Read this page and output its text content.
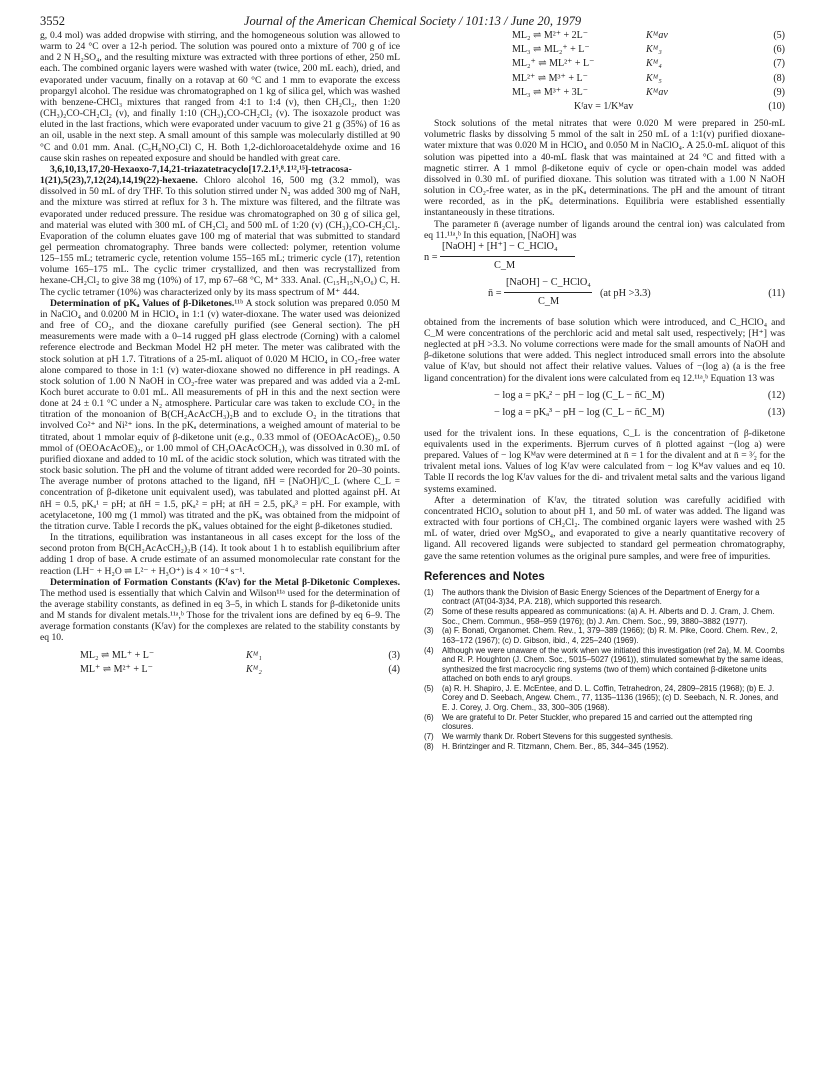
3552	Journal of the American Chemical Society / 101:13 / June 20, 1979

g, 0.4 mol) was added dropwise with stirring, and the homogeneous solution was allowed to warm to 24 °C over a 12-h period. The solution was poured onto a mixture of 700 g of ice and 2 N H₂SO₄, and the resulting mixture was extracted with three portions of ether, 250 mL each. The combined organic layers were washed with water (twice, 200 mL each), dried, and evaporated under vacuum, finally on a rotavap at 60 °C and 1 mm to evaporate the excess propargyl alcohol. The residue was chromatographed on 1 kg of silica gel, which was washed with benzene-CHCl₃ mixtures that ranged from 4:1 to 1:4 (v), then CH₂Cl₂, then 1:20 (CH₃)₂CO-CH₂Cl₂ (v), and finally 1:10 (CH₃)₂CO-CH₂Cl₂ (v). The isoxazole product was eluted in the last fractions, which were evaporated under vacuum to give 21 g (35%) of 16 as an oil, usable in the next step. A small amount of this sample was molecularly distilled at 90 °C and 0.01 mm. Anal. (C₅H₆NO₂Cl) C, H. Both 1,2-dichloroacetaldehyde oxime and 16 cause skin rashes on repeated exposure and should be handled with great care.

3,6,10,13,17,20-Hexaoxo-7,14,21-triazatetracyclo[17.2.1⁵,⁸.1¹²,¹⁵]-tetracosa-1(21),5(23),7,12(24),14,19(22)-hexaene. Chloro alcohol 16, 500 mg (3.2 mmol), was dissolved in 50 mL of dry THF. To this solution stirred under N₂ was added 300 mg of NaH, and the mixture was stirred at reflux for 3 h. The mixture was filtered, and the filtrate was evaporated under reduced pressure. The residue was chromatographed on 30 g of silica gel, and material was eluted with 300 mL of CH₂Cl₂ and 500 mL of 1:20 (v) (CH₃)₂CO-CH₂Cl₂. Evaporation of the column eluates gave 100 mg of material that was submitted to standard gel permeation chromatography. Three bands were collected: polymer, retention volume 125–155 mL; tetrameric cycle, retention volume 155–165 mL; trimeric cycle (17), retention volume 165–175 mL. The cyclic trimer crystallized, and then was recrystallized from hexane-CH₂Cl₂ to give 38 mg (10%) of 17, mp 67–68 °C, M⁺ 333. Anal. (C₁₅H₁₅N₃O₆) C, H. The cyclic tetramer (10%) was characterized only by its mass spectrum of M⁺ 444.

Determination of pKₐ Values of β-Diketones.¹¹ᵇ A stock solution was prepared 0.050 M in NaClO₄ and 0.0200 M in HClO₄ in 1:1 (v) water-dioxane. The water used was deionized and free of CO₂, and the dioxane carefully purified (see General section). The pH measurements were made with a 0–14 rugged pH glass electrode (Corning) with a calomel reference electrode and Beckman Model H2 pH meter. The meter was calibrated with the stock solution at pH 1.7. Titrations of a 25-mL aliquot of 0.020 M HClO₄ in CO₂-free water alone compared to those in 1:1 (v) water-dioxane showed no difference in pH readings. A stock solution of 1.00 N NaOH in CO₂-free water was prepared and was added via a 2-mL Koch buret accurate to 0.01 mL. All measurements of pH in this and the next section were done at 24 ± 0.1 °C under a N₂ atmosphere. Particular care was taken to exclude CO₂ in the titration of the monoanion of B(CH₂AcAcCH₃)₂B and to exclude O₂ in the titrations that involved Co²⁺ and Ni²⁺ ions. In the pKₐ determinations, a weighed amount of material to be titrated, about 1 mmolar equiv of β-diketone unit (e.g., 0.33 mmol of (OEOAcAcOE)₃, 0.50 mmol of (OEOAcAcOE)₂, or 1.00 mmol of CH₃OAcAcOCH₃), was dissolved in 0.30 mL of purified dioxane and added to 10 mL of the acidic stock solution, which was titrated with the stock basic solution. The pH and the volume of titrant added were recorded for 20–30 points. The average number of protons attached to the ligand, n̄H = [NaOH]/C_L (where C_L = concentration of β-diketone unit equivalent used), was tabulated and plotted against pH. At n̄H = 0.5, pKₐ¹ = pH; at n̄H = 1.5, pKₐ² = pH; at n̄H = 2.5, pKₐ³ = pH. For example, with acetylacetone, 100 mg (1 mmol) was titrated and the pKₐ was obtained from the midpoint of the titration curve. Table I records the pKₐ values obtained for the eight β-diketones studied.

In the titrations, equilibration was instantaneous in all cases except for the loss of the second proton from B(CH₂AcAcCH₂)₂B (14). It took about 1 h to establish equilibrium after adding 1 drop of base. A crude estimate of an assumed monomolecular rate constant for the reaction (LH⁻ + H₂O ⇌ L²⁻ + H₃O⁺) is 4 × 10⁻⁴ s⁻¹.

Determination of Formation Constants (Kᶠav) for the Metal β-Diketonic Complexes. The method used is essentially that which Calvin and Wilson¹¹ᵃ used for the determination of the average stability constants, as defined in eq 3–5, in which L stands for β-diketonide units and M stands for divalent metals.¹¹ᵃ,ᵇ Those for the trivalent ions are defined by eq 6–9. The average formation constants (Kᶠav) for the complexes are related to the stability constants by eq 10.

ML₂ ⇌ ML⁺ + L⁻	Kᴹ₁	(3)
ML⁺ ⇌ M²⁺ + L⁻	Kᴹ₂	(4)
ML₂ ⇌ M²⁺ + 2L⁻	Kᴹav	(5)
ML₃ ⇌ ML₂⁺ + L⁻	Kᴹ₃	(6)
ML₂⁺ ⇌ ML²⁺ + L⁻	Kᴹ₄	(7)
ML²⁺ ⇌ M³⁺ + L⁻	Kᴹ₅	(8)
ML₃ ⇌ M³⁺ + 3L⁻	Kᴹav	(9)
Kᶠav = 1/Kᴹav	(10)

Stock solutions of the metal nitrates that were 0.020 M were prepared in 250-mL volumetric flasks by dissolving 5 mmol of the salt in 250 mL of a 1:1(v) purified dioxane-water mixture that was 0.020 M in HClO₄ and 0.050 M in NaClO₄. A 25.0-mL aliquot of this solution was pipetted into a 40-mL flask that was maintained at 24 °C and fitted with a magnetic stirrer. A 1 mmol β-diketone equiv of cycle or open-chain model was added dissolved in 0.30 mL of purified dioxane. This solution was titrated with a 1.00 N NaOH solution in CO₂-free water, as in the pKₐ determinations. The pH and the amount of titrant were recorded, as in the pKₐ determinations. Equilibria were established essentially instantaneously in these titrations.

The parameter n̄ (average number of ligands around the central ion) was calculated from eq 11.¹¹ᵃ,ᵇ In this equation, [NaOH] was

n =
[NaOH] + [H⁺] − C_HClO₄
C_M
n̄ =
[NaOH] − C_HClO₄
C_M
(at pH >3.3)	(11)

obtained from the increments of base solution which were introduced, and C_HClO₄ and C_M were concentrations of the perchloric acid and metal salt used, respectively; [H⁺] was neglected at pH >3.3. No volume corrections were made for the small amounts of NaOH and β-diketone solutions that were added. This neglect introduced small errors into the absolute value of Kᶠav, but should not affect their relative values. Values of −(log a) (a is the free ligand concentration) for the divalent ions were calculated from eq 12.¹¹ᵃ,ᵇ Equation 13 was

− log a = pKₐ² − pH − log (C_L − n̄C_M)	(12)
− log a = pKₐ³ − pH − log (C_L − n̄C_M)	(13)

used for the trivalent ions. In these equations, C_L is the concentration of β-diketone equivalents used in the experiments. Bjerrum curves of n̄ plotted against −(log a) were prepared. Values of − log Kᴹav were determined at n̄ = 1 for the divalent and at n̄ = ³⁄₂ for the trivalent metal ions. Values of log Kᶠav were calculated from − log Kᴹav values and eq 10. Table II records the log Kᶠav values for the di- and trivalent metal salts and the various ligand systems examined.

After a determination of Kᶠav, the titrated solution was carefully acidified with concentrated HClO₄ solution to about pH 1, and 50 mL of water was added. The ligand was extracted with four portions of CH₂Cl₂. The combined organic layers were washed with 25 mL of water, dried over MgSO₄, and evaporated to give a nearly quantitative recovery of ligand. All recovered ligands were subjected to standard gel permeation chromatography, gave the same retention volumes as the original pure samples, and were free of impurities.

References and Notes
(1) The authors thank the Division of Basic Energy Sciences of the Department of Energy for a contract (AT(04-3)34, P.A. 218), which supported this research.
(2) Some of these results appeared as communications: (a) A. H. Alberts and D. J. Cram, J. Chem. Soc., Chem. Commun., 958–959 (1976); (b) J. Am. Chem. Soc., 99, 3880–3882 (1977).
(3) (a) F. Bonati, Organomet. Chem. Rev., 1, 379–389 (1966); (b) R. M. Pike, Coord. Chem. Rev., 2, 163–172 (1967); (c) D. Gibson, ibid., 4, 225–240 (1969).
(4) Although we were unaware of the work when we initiated this investigation (ref 2a), M. M. Coombs and R. P. Houghton (J. Chem. Soc., 5015–5027 (1961)), stimulated somewhat by the same ideas, synthesized the first macrocyclic ring systems (two of them) which contained β-diketone units attached on both ends to aryl groups.
(5) (a) R. H. Shapiro, J. E. McEntee, and D. L. Coffin, Tetrahedron, 24, 2809–2815 (1968); (b) E. J. Corey and D. Seebach, Angew. Chem., 77, 1135–1136 (1965); (c) D. Seebach, N. R. Jones, and E. J. Corey, J. Org. Chem., 33, 300–305 (1968).
(6) We are grateful to Dr. Peter Stuckler, who prepared 15 and carried out the attempted ring closures.
(7) We warmly thank Dr. Robert Stevens for this suggested synthesis.
(8) H. Brintzinger and R. Titzmann, Chem. Ber., 85, 344–345 (1952).
